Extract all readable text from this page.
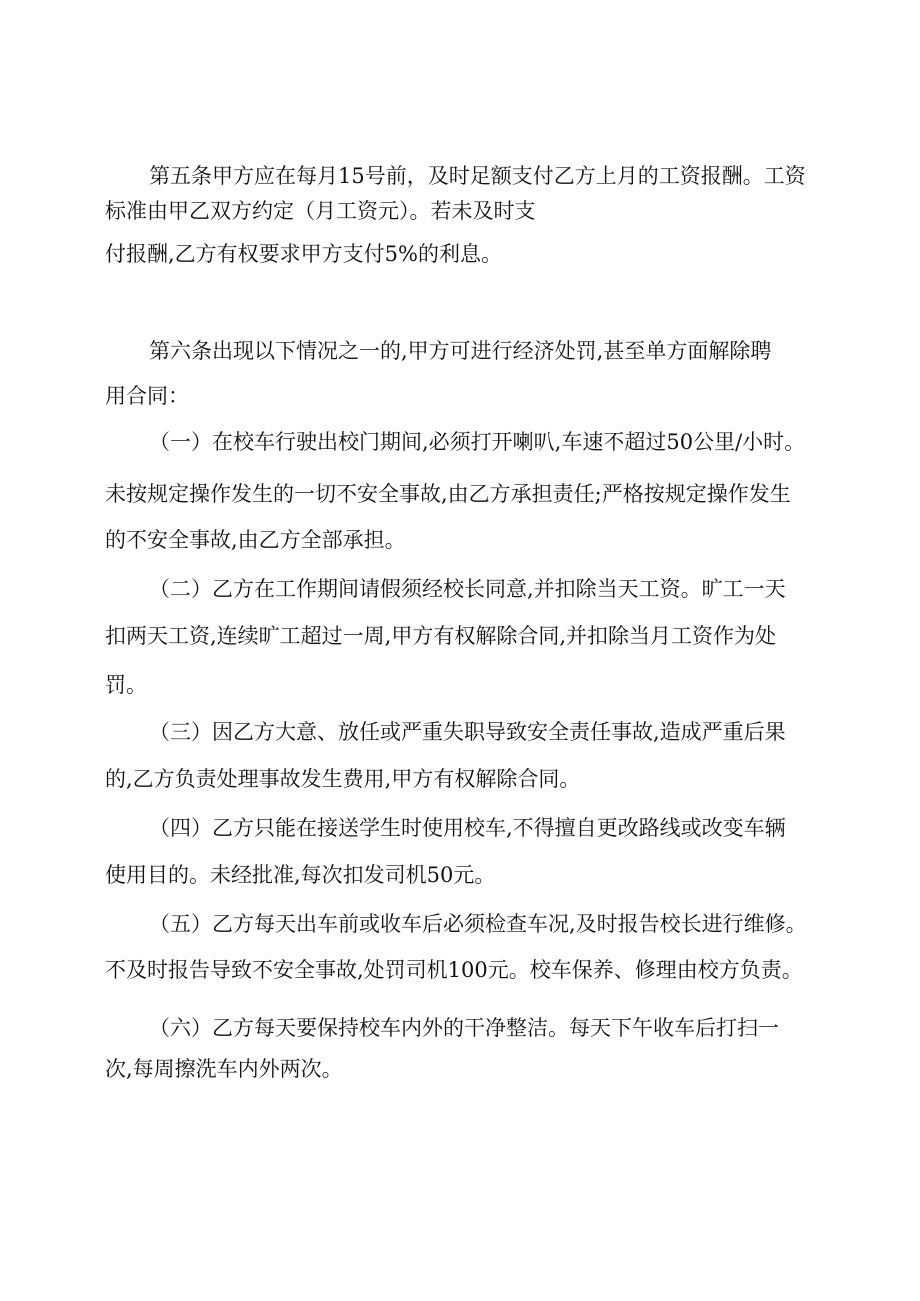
第五条甲方应在每月15号前，及时足额支付乙方上月的工资报酬。工资

标准由甲乙双方约定（月工资元）。若未及时支

付报酬,乙方有权要求甲方支付5%的利息。

第六条出现以下情况之一的,甲方可进行经济处罚,甚至单方面解除聘

用合同：

（一）在校车行驶出校门期间,必须打开喇叭,车速不超过50公里/小时。

未按规定操作发生的一切不安全事故,由乙方承担责任;严格按规定操作发生

的不安全事故,由乙方全部承担。

（二）乙方在工作期间请假须经校长同意,并扣除当天工资。旷工一天

扣两天工资,连续旷工超过一周,甲方有权解除合同,并扣除当月工资作为处

罚。

（三）因乙方大意、放任或严重失职导致安全责任事故,造成严重后果

的,乙方负责处理事故发生费用,甲方有权解除合同。

（四）乙方只能在接送学生时使用校车,不得擅自更改路线或改变车辆

使用目的。未经批准,每次扣发司机50元。

（五）乙方每天出车前或收车后必须检查车况,及时报告校长进行维修。

不及时报告导致不安全事故,处罚司机100元。校车保养、修理由校方负责。

（六）乙方每天要保持校车内外的干净整洁。每天下午收车后打扫一

次,每周擦洗车内外两次。
